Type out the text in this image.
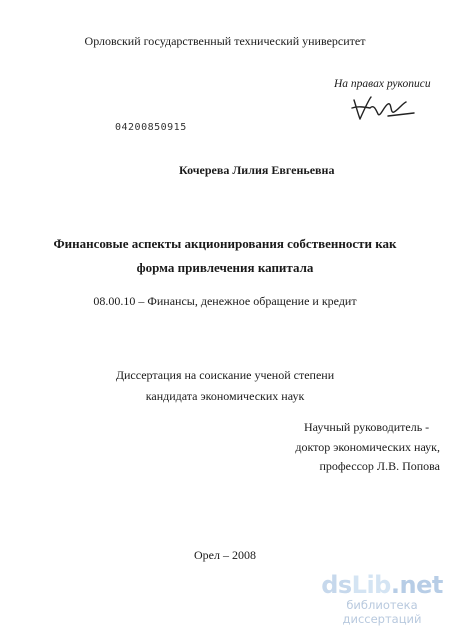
Орловский государственный технический университет
На правах рукописи
04200850915
Кочерева Лилия Евгеньевна
Финансовые аспекты акционирования собственности как
форма привлечения капитала
08.00.10 – Финансы, денежное обращение и кредит
Диссертация на соискание ученой степени
кандидата экономических наук
Научный руководитель -
доктор экономических наук,
профессор Л.В. Попова
Орел – 2008
dsLib.net
библиотека диссертаций
